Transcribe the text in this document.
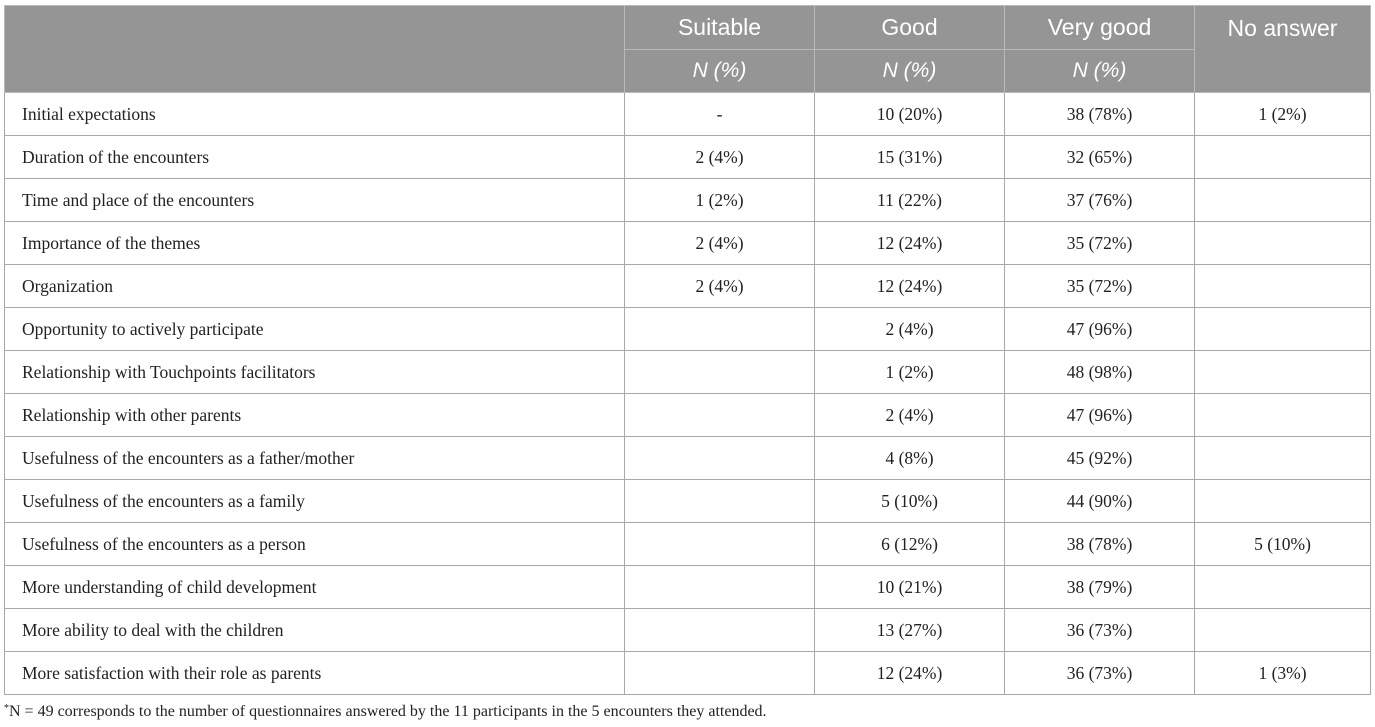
	Suitable	Good	Very good	No answer
	N (%)	N (%)	N (%)	
Initial expectations	-	10 (20%)	38 (78%)	1 (2%)
Duration of the encounters	2 (4%)	15 (31%)	32 (65%)	
Time and place of the encounters	1 (2%)	11 (22%)	37 (76%)	
Importance of the themes	2 (4%)	12 (24%)	35 (72%)	
Organization	2 (4%)	12 (24%)	35 (72%)	
Opportunity to actively participate		2 (4%)	47 (96%)	
Relationship with Touchpoints facilitators		1 (2%)	48 (98%)	
Relationship with other parents		2 (4%)	47 (96%)	
Usefulness of the encounters as a father/mother		4 (8%)	45 (92%)	
Usefulness of the encounters as a family		5 (10%)	44 (90%)	
Usefulness of the encounters as a person		6 (12%)	38 (78%)	5 (10%)
More understanding of child development		10 (21%)	38 (79%)	
More ability to deal with the children		13 (27%)	36 (73%)	
More satisfaction with their role as parents		12 (24%)	36 (73%)	1 (3%)
*N = 49 corresponds to the number of questionnaires answered by the 11 participants in the 5 encounters they attended.
